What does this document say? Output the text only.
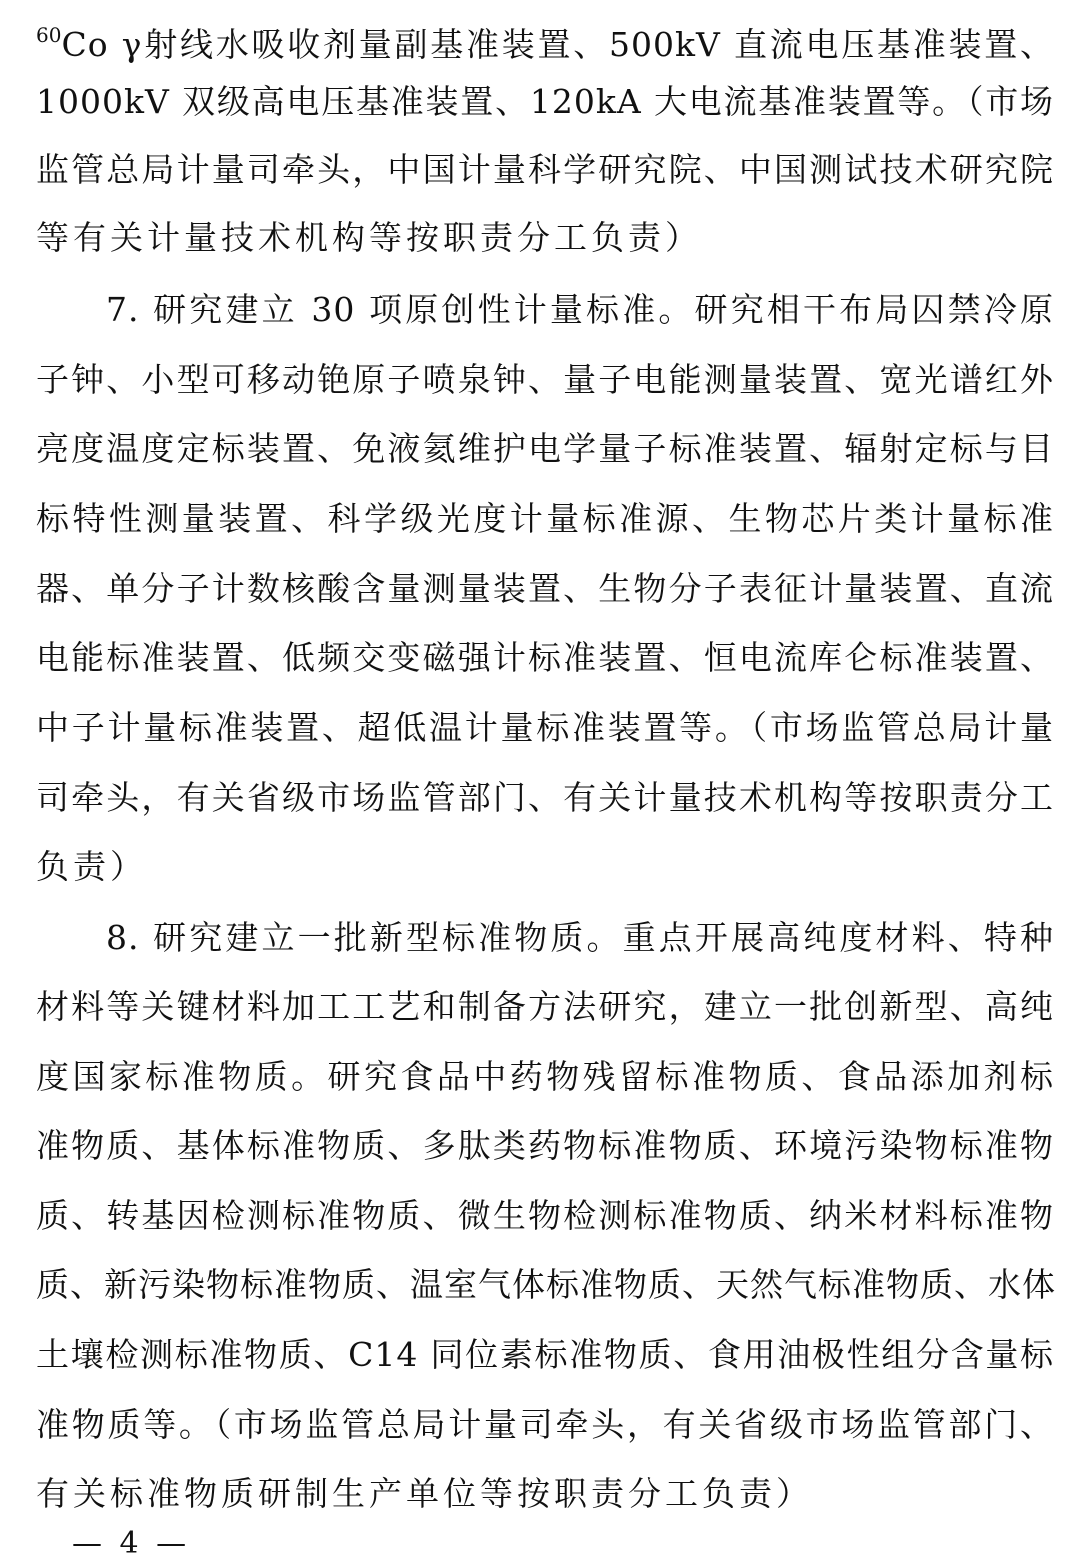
$^{60}$Co γ射线水吸收剂量副基准装置、500kV 直流电压基准装置、
1000kV 双级高电压基准装置、120kA 大电流基准装置等。（市场
监管总局计量司牵头，中国计量科学研究院、中国测试技术研究院
等有关计量技术机构等按职责分工负责）
7. 研究建立 30 项原创性计量标准。研究相干布局囚禁冷原
子钟、小型可移动铯原子喷泉钟、量子电能测量装置、宽光谱红外
亮度温度定标装置、免液氦维护电学量子标准装置、辐射定标与目
标特性测量装置、科学级光度计量标准源、生物芯片类计量标准
器、单分子计数核酸含量测量装置、生物分子表征计量装置、直流
电能标准装置、低频交变磁强计标准装置、恒电流库仑标准装置、
中子计量标准装置、超低温计量标准装置等。（市场监管总局计量
司牵头，有关省级市场监管部门、有关计量技术机构等按职责分工
负责）
8. 研究建立一批新型标准物质。重点开展高纯度材料、特种
材料等关键材料加工工艺和制备方法研究，建立一批创新型、高纯
度国家标准物质。研究食品中药物残留标准物质、食品添加剂标
准物质、基体标准物质、多肽类药物标准物质、环境污染物标准物
质、转基因检测标准物质、微生物检测标准物质、纳米材料标准物
质、新污染物标准物质、温室气体标准物质、天然气标准物质、水体
土壤检测标准物质、C14 同位素标准物质、食用油极性组分含量标
准物质等。（市场监管总局计量司牵头，有关省级市场监管部门、
有关标准物质研制生产单位等按职责分工负责）
— 4 —
